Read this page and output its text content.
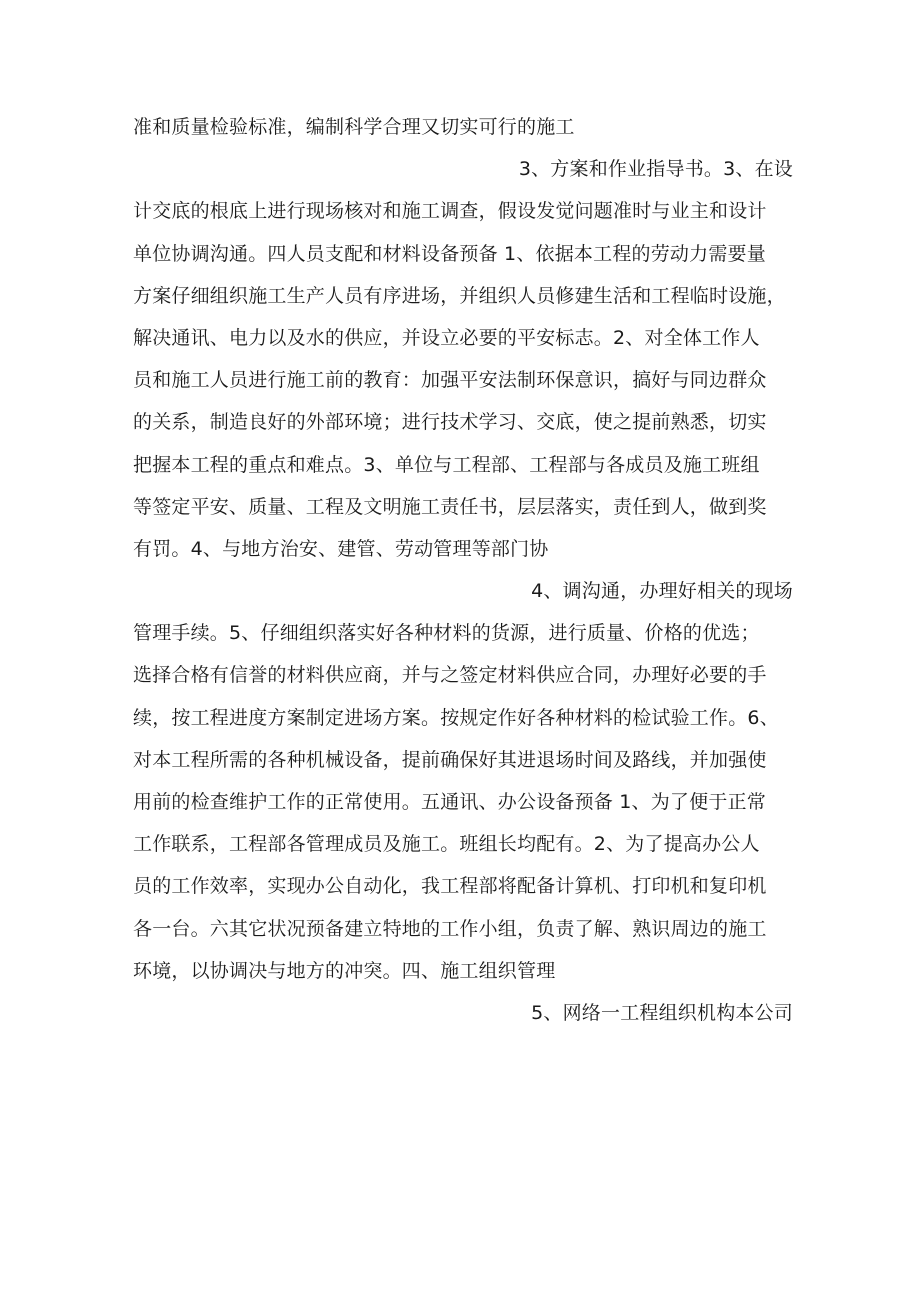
准和质量检验标准，编制科学合理又切实可行的施工
3、方案和作业指导书。3、在设
计交底的根底上进行现场核对和施工调查，假设发觉问题准时与业主和设计
单位协调沟通。四人员支配和材料设备预备 1、依据本工程的劳动力需要量
方案仔细组织施工生产人员有序进场，并组织人员修建生活和工程临时设施，
解决通讯、电力以及水的供应，并设立必要的平安标志。2、对全体工作人
员和施工人员进行施工前的教育：加强平安法制环保意识，搞好与同边群众
的关系，制造良好的外部环境；进行技术学习、交底，使之提前熟悉，切实
把握本工程的重点和难点。3、单位与工程部、工程部与各成员及施工班组
等签定平安、质量、工程及文明施工责任书，层层落实，责任到人，做到奖
有罚。4、与地方治安、建管、劳动管理等部门协
4、调沟通，办理好相关的现场
管理手续。5、仔细组织落实好各种材料的货源，进行质量、价格的优选；
选择合格有信誉的材料供应商，并与之签定材料供应合同，办理好必要的手
续，按工程进度方案制定进场方案。按规定作好各种材料的检试验工作。6、
对本工程所需的各种机械设备，提前确保好其进退场时间及路线，并加强使
用前的检查维护工作的正常使用。五通讯、办公设备预备 1、为了便于正常
工作联系，工程部各管理成员及施工。班组长均配有。2、为了提高办公人
员的工作效率，实现办公自动化，我工程部将配备计算机、打印机和复印机
各一台。六其它状况预备建立特地的工作小组，负责了解、熟识周边的施工
环境，以协调决与地方的冲突。四、施工组织管理
5、网络一工程组织机构本公司
